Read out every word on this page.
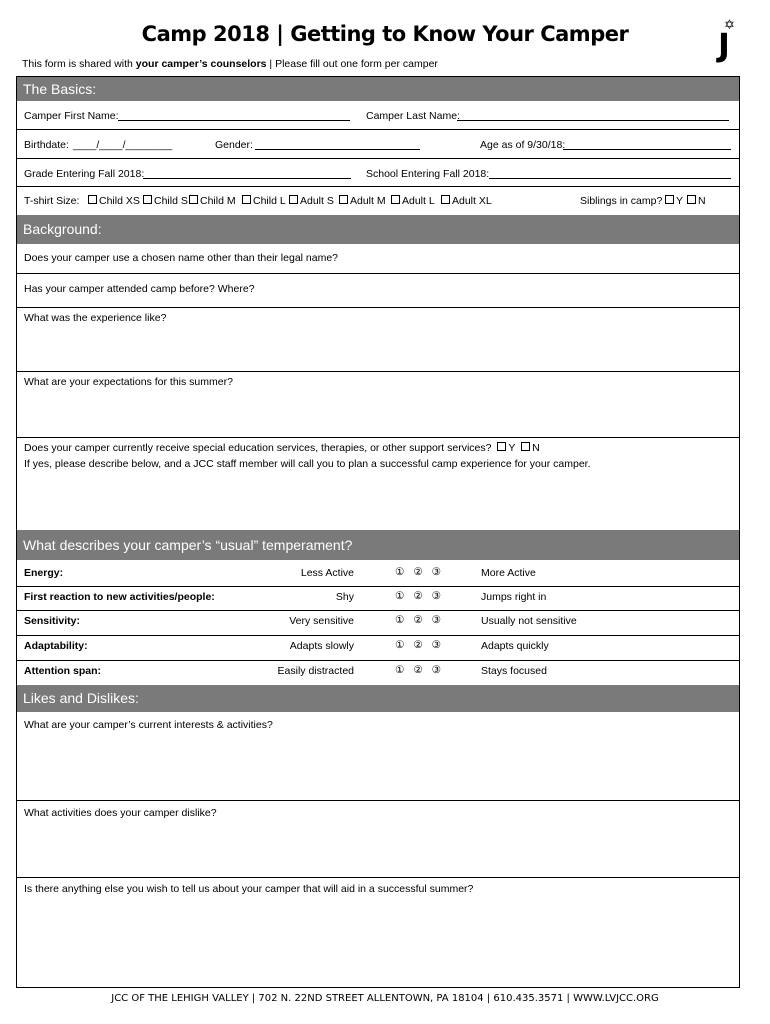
Camp 2018 | Getting to Know Your Camper	✡
J
This form is shared with your camper’s counselors | Please fill out one form per camper
The Basics:
Camper First Name:	Camper Last Name:
Birthdate: ____/____/________	Gender:	Age as of 9/30/18:
Grade Entering Fall 2018:	School Entering Fall 2018:
T-shirt Size:	Child XS	Child S	Child M	Child L	Adult S	Adult M	Adult L	Adult XL	Siblings in camp?	Y	N
Background:
Does your camper use a chosen name other than their legal name?
Has your camper attended camp before? Where?
What was the experience like?
What are your expectations for this summer?
Does your camper currently receive special education services, therapies, or other support services? Y N
If yes, please describe below, and a JCC staff member will call you to plan a successful camp experience for your camper.
What describes your camper’s “usual” temperament?
Energy:	Less Active	① ② ③	More Active
First reaction to new activities/people:	Shy	① ② ③	Jumps right in
Sensitivity:	Very sensitive	① ② ③	Usually not sensitive
Adaptability:	Adapts slowly	① ② ③	Adapts quickly
Attention span:	Easily distracted	① ② ③	Stays focused
Likes and Dislikes:
What are your camper’s current interests & activities?
What activities does your camper dislike?
Is there anything else you wish to tell us about your camper that will aid in a successful summer?
JCC OF THE LEHIGH VALLEY | 702 N. 22ND STREET ALLENTOWN, PA 18104 | 610.435.3571 | WWW.LVJCC.ORG
